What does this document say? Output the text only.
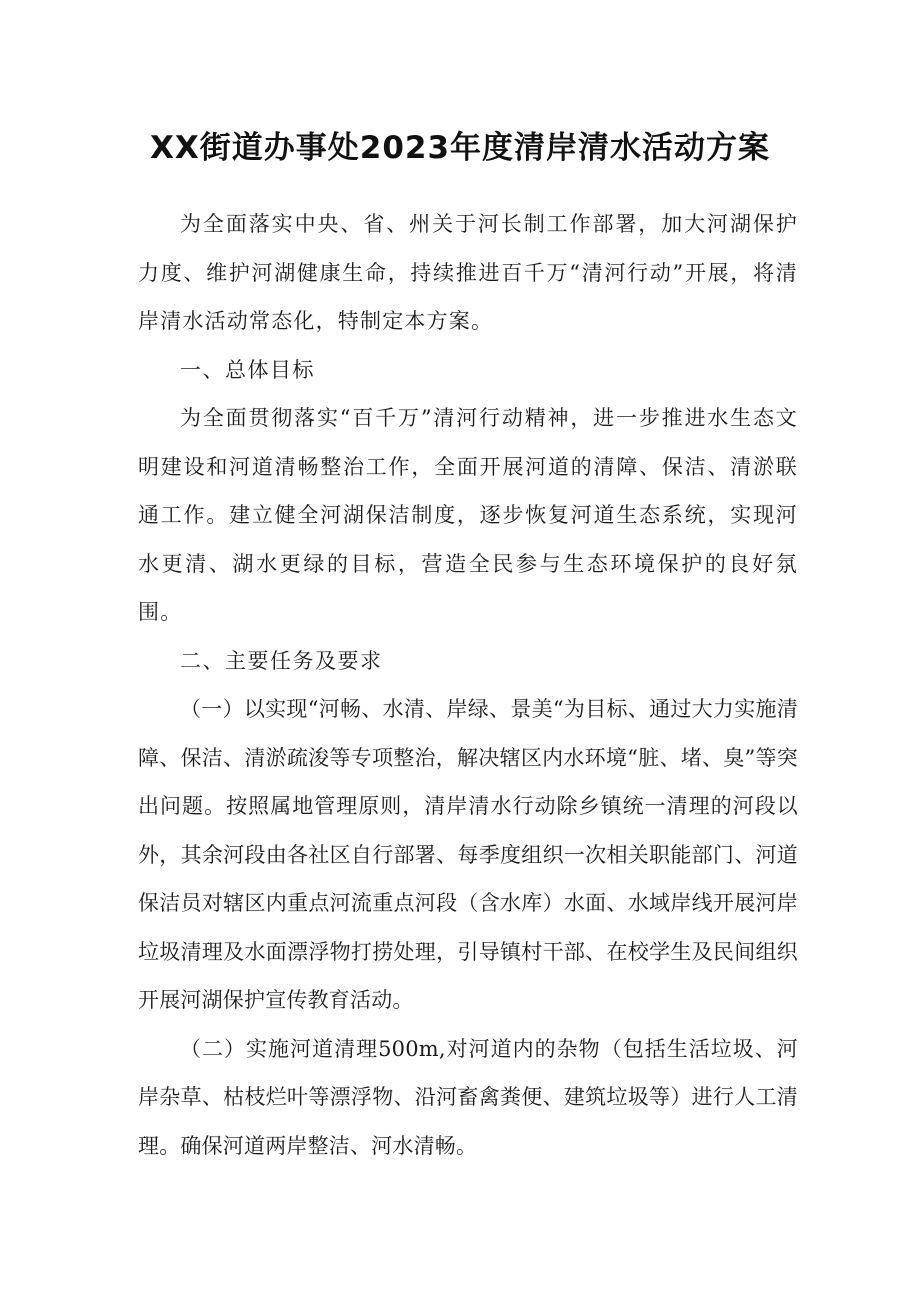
XX街道办事处2023年度清岸清水活动方案

为全面落实中央、省、州关于河长制工作部署，加大河湖保护力度、维护河湖健康生命，持续推进百千万“清河行动”开展，将清岸清水活动常态化，特制定本方案。

一、总体目标

为全面贯彻落实“百千万”清河行动精神，进一步推进水生态文明建设和河道清畅整治工作，全面开展河道的清障、保洁、清淤联通工作。建立健全河湖保洁制度，逐步恢复河道生态系统，实现河水更清、湖水更绿的目标，营造全民参与生态环境保护的良好氛围。

二、主要任务及要求

（一）以实现“河畅、水清、岸绿、景美“为目标、通过大力实施清障、保洁、清淤疏浚等专项整治，解决辖区内水环境“脏、堵、臭”等突出问题。按照属地管理原则，清岸清水行动除乡镇统一清理的河段以外，其余河段由各社区自行部署、每季度组织一次相关职能部门、河道保洁员对辖区内重点河流重点河段（含水库）水面、水域岸线开展河岸垃圾清理及水面漂浮物打捞处理，引导镇村干部、在校学生及民间组织开展河湖保护宣传教育活动。

（二）实施河道清理500m,对河道内的杂物（包括生活垃圾、河岸杂草、枯枝烂叶等漂浮物、沿河畜禽粪便、建筑垃圾等）进行人工清理。确保河道两岸整洁、河水清畅。
